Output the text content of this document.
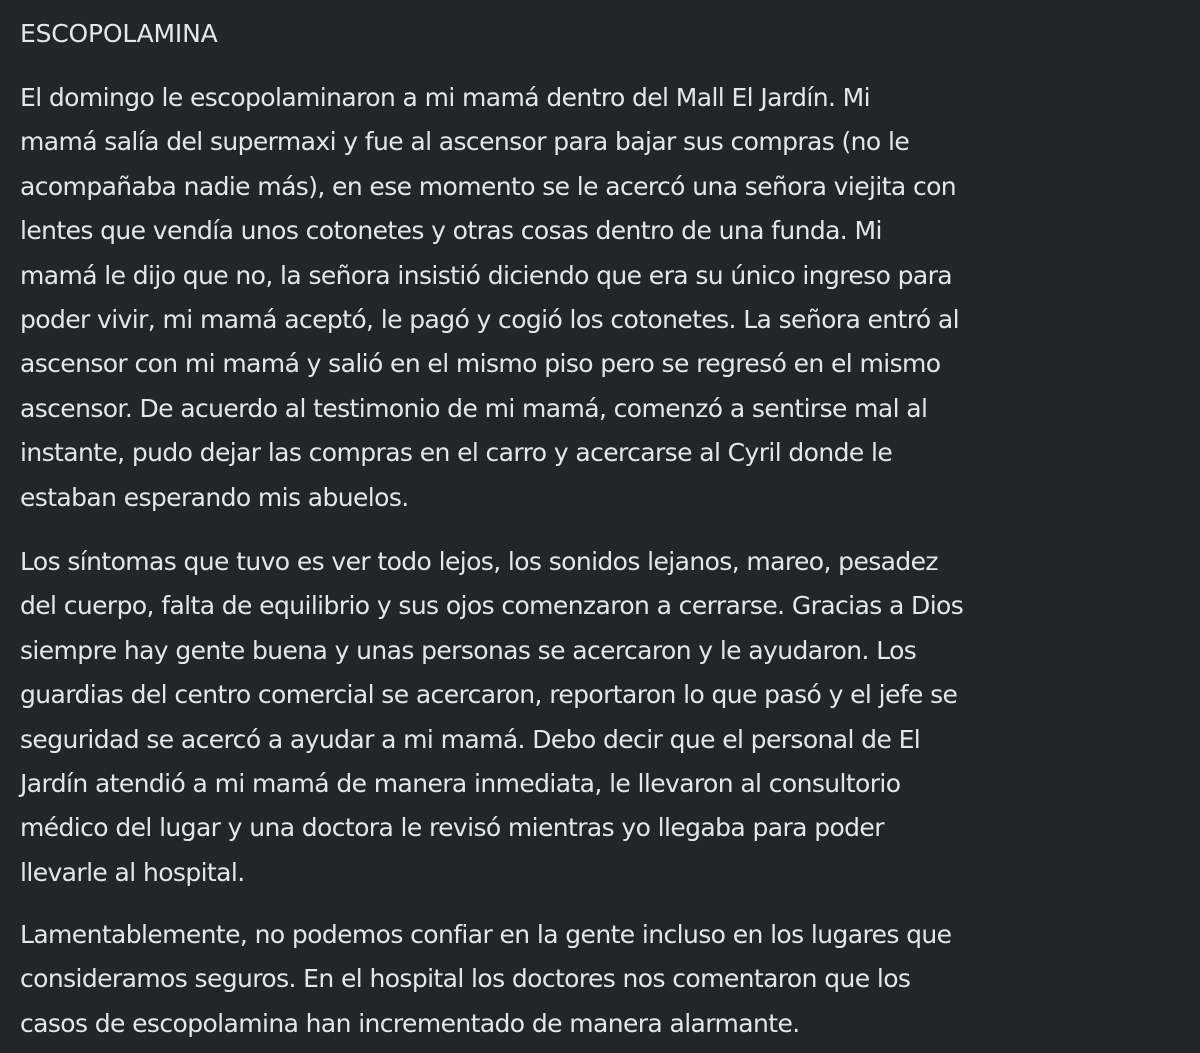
ESCOPOLAMINA

El domingo le escopolaminaron a mi mamá dentro del Mall El Jardín. Mi
mamá salía del supermaxi y fue al ascensor para bajar sus compras (no le
acompañaba nadie más), en ese momento se le acercó una señora viejita con
lentes que vendía unos cotonetes y otras cosas dentro de una funda. Mi
mamá le dijo que no, la señora insistió diciendo que era su único ingreso para
poder vivir, mi mamá aceptó, le pagó y cogió los cotonetes. La señora entró al
ascensor con mi mamá y salió en el mismo piso pero se regresó en el mismo
ascensor. De acuerdo al testimonio de mi mamá, comenzó a sentirse mal al
instante, pudo dejar las compras en el carro y acercarse al Cyril donde le
estaban esperando mis abuelos.

Los síntomas que tuvo es ver todo lejos, los sonidos lejanos, mareo, pesadez
del cuerpo, falta de equilibrio y sus ojos comenzaron a cerrarse. Gracias a Dios
siempre hay gente buena y unas personas se acercaron y le ayudaron. Los
guardias del centro comercial se acercaron, reportaron lo que pasó y el jefe se
seguridad se acercó a ayudar a mi mamá. Debo decir que el personal de El
Jardín atendió a mi mamá de manera inmediata, le llevaron al consultorio
médico del lugar y una doctora le revisó mientras yo llegaba para poder
llevarle al hospital.

Lamentablemente, no podemos confiar en la gente incluso en los lugares que
consideramos seguros. En el hospital los doctores nos comentaron que los
casos de escopolamina han incrementado de manera alarmante.
